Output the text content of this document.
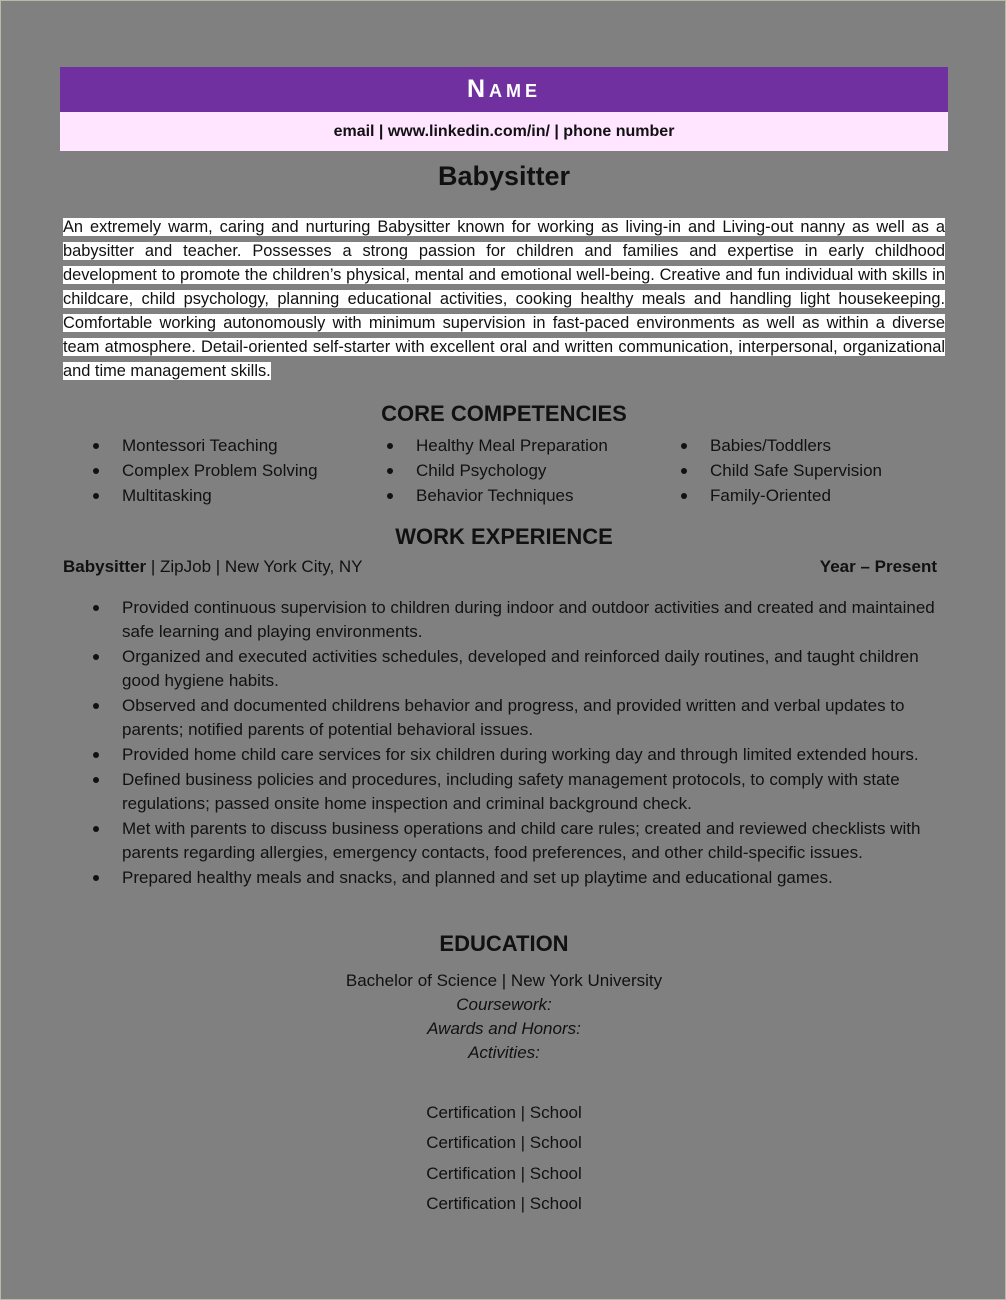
Name
email | www.linkedin.com/in/ | phone number
Babysitter
An extremely warm, caring and nurturing Babysitter known for working as living-in and Living-out nanny as well as a babysitter and teacher. Possesses a strong passion for children and families and expertise in early childhood development to promote the children’s physical, mental and emotional well-being. Creative and fun individual with skills in childcare, child psychology, planning educational activities, cooking healthy meals and handling light housekeeping. Comfortable working autonomously with minimum supervision in fast-paced environments as well as within a diverse team atmosphere. Detail-oriented self-starter with excellent oral and written communication, interpersonal, organizational and time management skills.
CORE COMPETENCIES
Montessori Teaching
Complex Problem Solving
Multitasking
Healthy Meal Preparation
Child Psychology
Behavior Techniques
Babies/Toddlers
Child Safe Supervision
Family-Oriented
WORK EXPERIENCE
Babysitter | ZipJob | New York City, NY	Year – Present
Provided continuous supervision to children during indoor and outdoor activities and created and maintained safe learning and playing environments.
Organized and executed activities schedules, developed and reinforced daily routines, and taught children good hygiene habits.
Observed and documented childrens behavior and progress, and provided written and verbal updates to parents; notified parents of potential behavioral issues.
Provided home child care services for six children during working day and through limited extended hours.
Defined business policies and procedures, including safety management protocols, to comply with state regulations; passed onsite home inspection and criminal background check.
Met with parents to discuss business operations and child care rules; created and reviewed checklists with parents regarding allergies, emergency contacts, food preferences, and other child-specific issues.
Prepared healthy meals and snacks, and planned and set up playtime and educational games.
EDUCATION
Bachelor of Science | New York University
Coursework:
Awards and Honors:
Activities:
Certification | School
Certification | School
Certification | School
Certification | School
